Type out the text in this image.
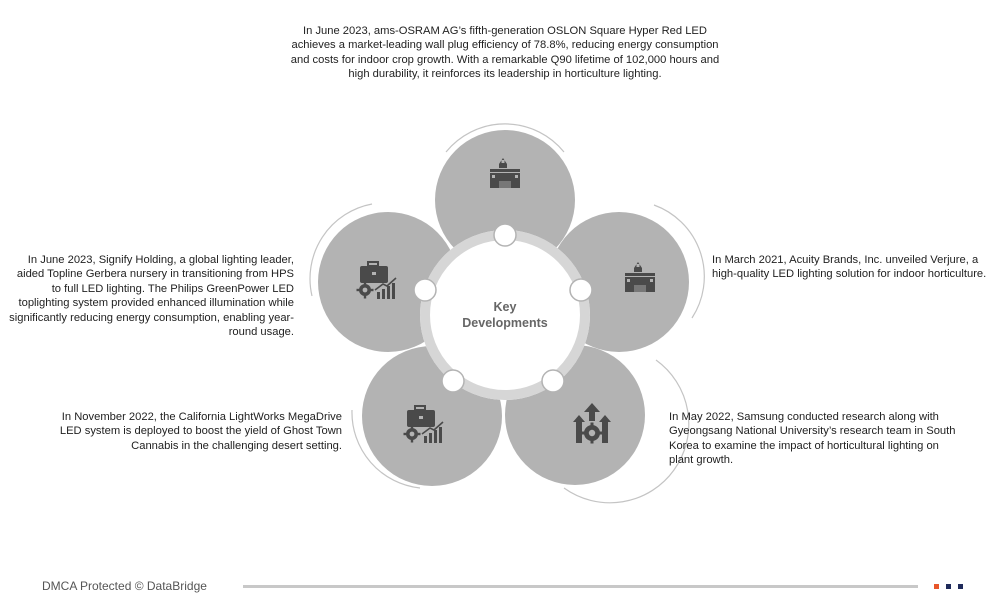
Key
Developments

In June 2023, ams-OSRAM AG’s fifth-generation OSLON Square Hyper Red LED achieves a market-leading wall plug efficiency of 78.8%, reducing energy consumption and costs for indoor crop growth. With a remarkable Q90 lifetime of 102,000 hours and high durability, it reinforces its leadership in horticulture lighting.

In March 2021, Acuity Brands, Inc. unveiled Verjure, a high-quality LED lighting solution for indoor horticulture.

In May 2022, Samsung conducted research along with Gyeongsang National University’s research team in South Korea to examine the impact of horticultural lighting on plant growth.

In November 2022, the California LightWorks MegaDrive LED system is deployed to boost the yield of Ghost Town Cannabis in the challenging desert setting.

In June 2023, Signify Holding, a global lighting leader, aided Topline Gerbera nursery in transitioning from HPS to full LED lighting. The Philips GreenPower LED toplighting system provided enhanced illumination while significantly reducing energy consumption, enabling year-round usage.

DMCA Protected © DataBridge
